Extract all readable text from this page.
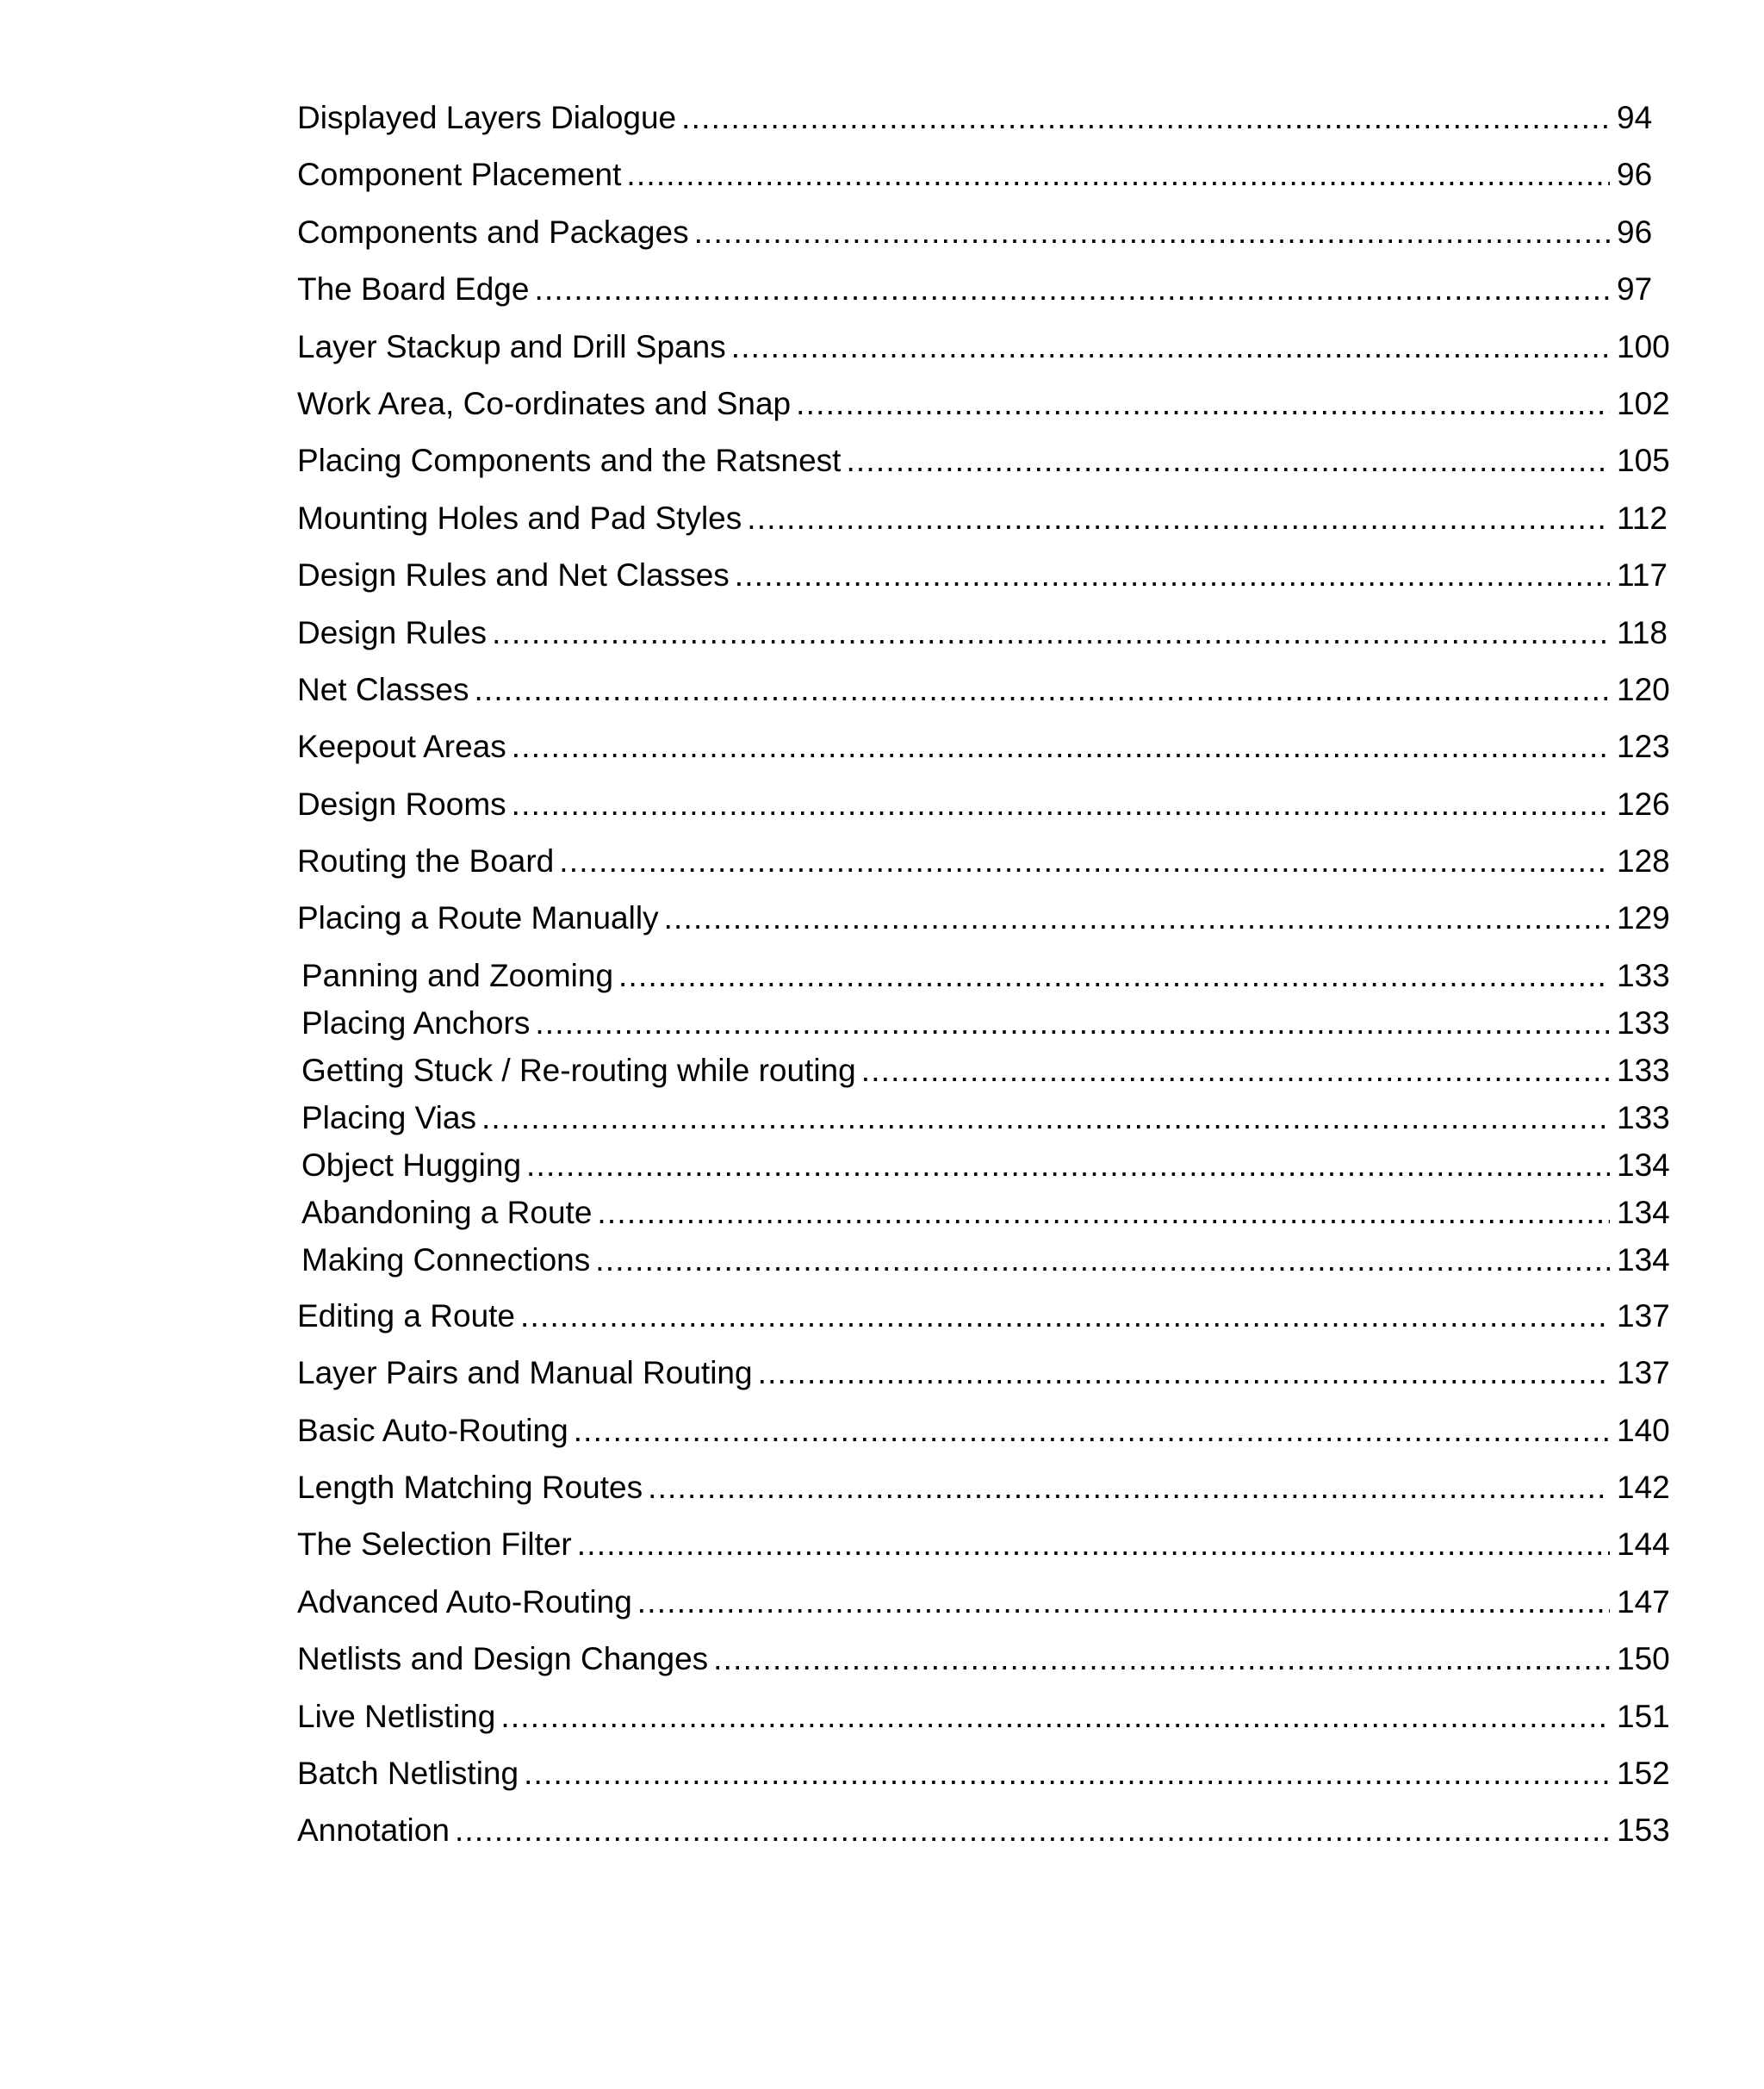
Displayed Layers Dialogue .....	94
Component Placement .....	96
Components and Packages .....	96
The Board Edge .....	97
Layer Stackup and Drill Spans .....	100
Work Area, Co-ordinates and Snap .....	102
Placing Components and the Ratsnest .....	105
Mounting Holes and Pad Styles .....	112
Design Rules and Net Classes .....	117
Design Rules .....	118
Net Classes .....	120
Keepout Areas .....	123
Design Rooms .....	126
Routing the Board .....	128
Placing a Route Manually .....	129
Panning and Zooming .....	133
Placing Anchors .....	133
Getting Stuck / Re-routing while routing .....	133
Placing Vias .....	133
Object Hugging .....	134
Abandoning a Route .....	134
Making Connections .....	134
Editing a Route .....	137
Layer Pairs and Manual Routing .....	137
Basic Auto-Routing .....	140
Length Matching Routes .....	142
The Selection Filter .....	144
Advanced Auto-Routing .....	147
Netlists and Design Changes .....	150
Live Netlisting .....	151
Batch Netlisting .....	152
Annotation .....	153
